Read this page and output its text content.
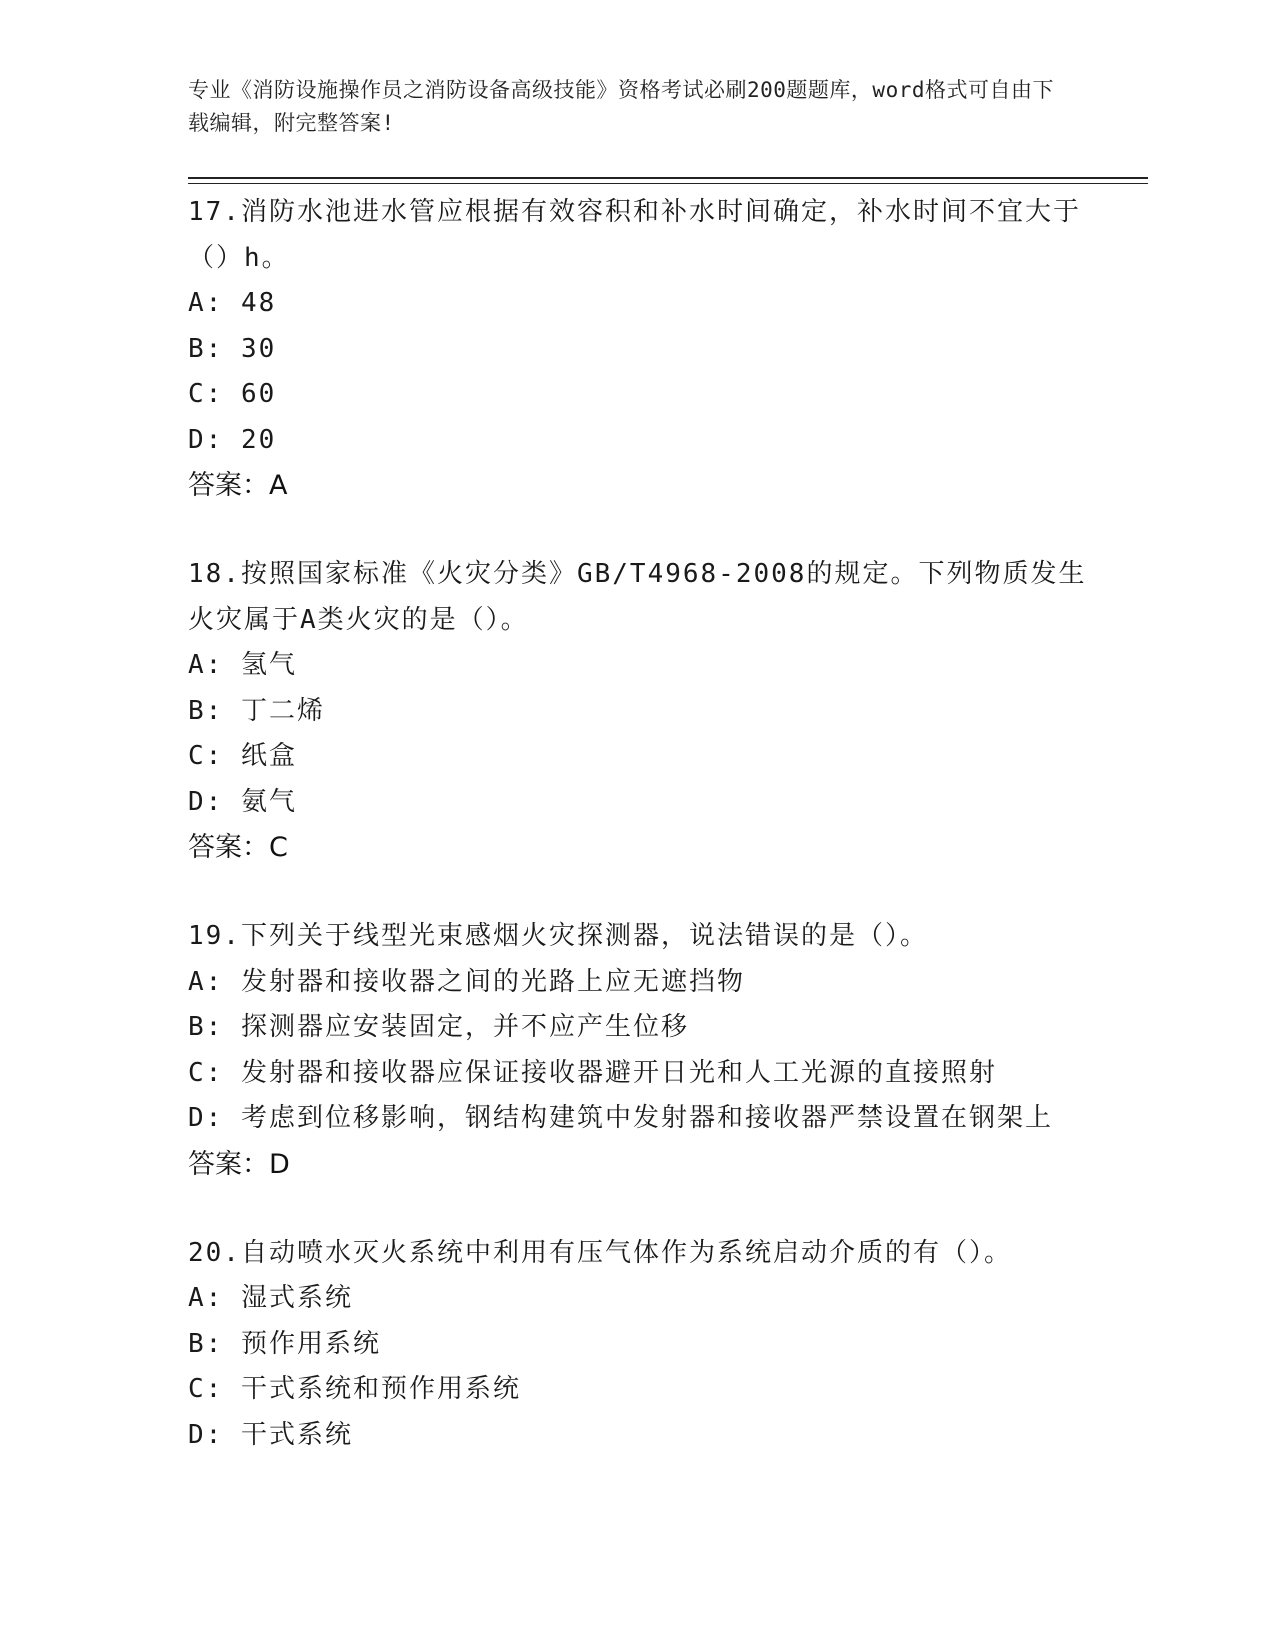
专业《消防设施操作员之消防设备高级技能》资格考试必刷200题题库，word格式可自由下载编辑，附完整答案!

17.消防水池进水管应根据有效容积和补水时间确定，补水时间不宜大于（）h。

A: 48
B: 30
C: 60
D: 20
答案：A

18.按照国家标准《火灾分类》GB/T4968-2008的规定。下列物质发生火灾属于A类火灾的是（）。

A: 氢气
B: 丁二烯
C: 纸盒
D: 氨气
答案：C

19.下列关于线型光束感烟火灾探测器，说法错误的是（）。

A: 发射器和接收器之间的光路上应无遮挡物
B: 探测器应安装固定，并不应产生位移
C: 发射器和接收器应保证接收器避开日光和人工光源的直接照射
D: 考虑到位移影响，钢结构建筑中发射器和接收器严禁设置在钢架上
答案：D

20.自动喷水灭火系统中利用有压气体作为系统启动介质的有（）。

A: 湿式系统
B: 预作用系统
C: 干式系统和预作用系统
D: 干式系统
